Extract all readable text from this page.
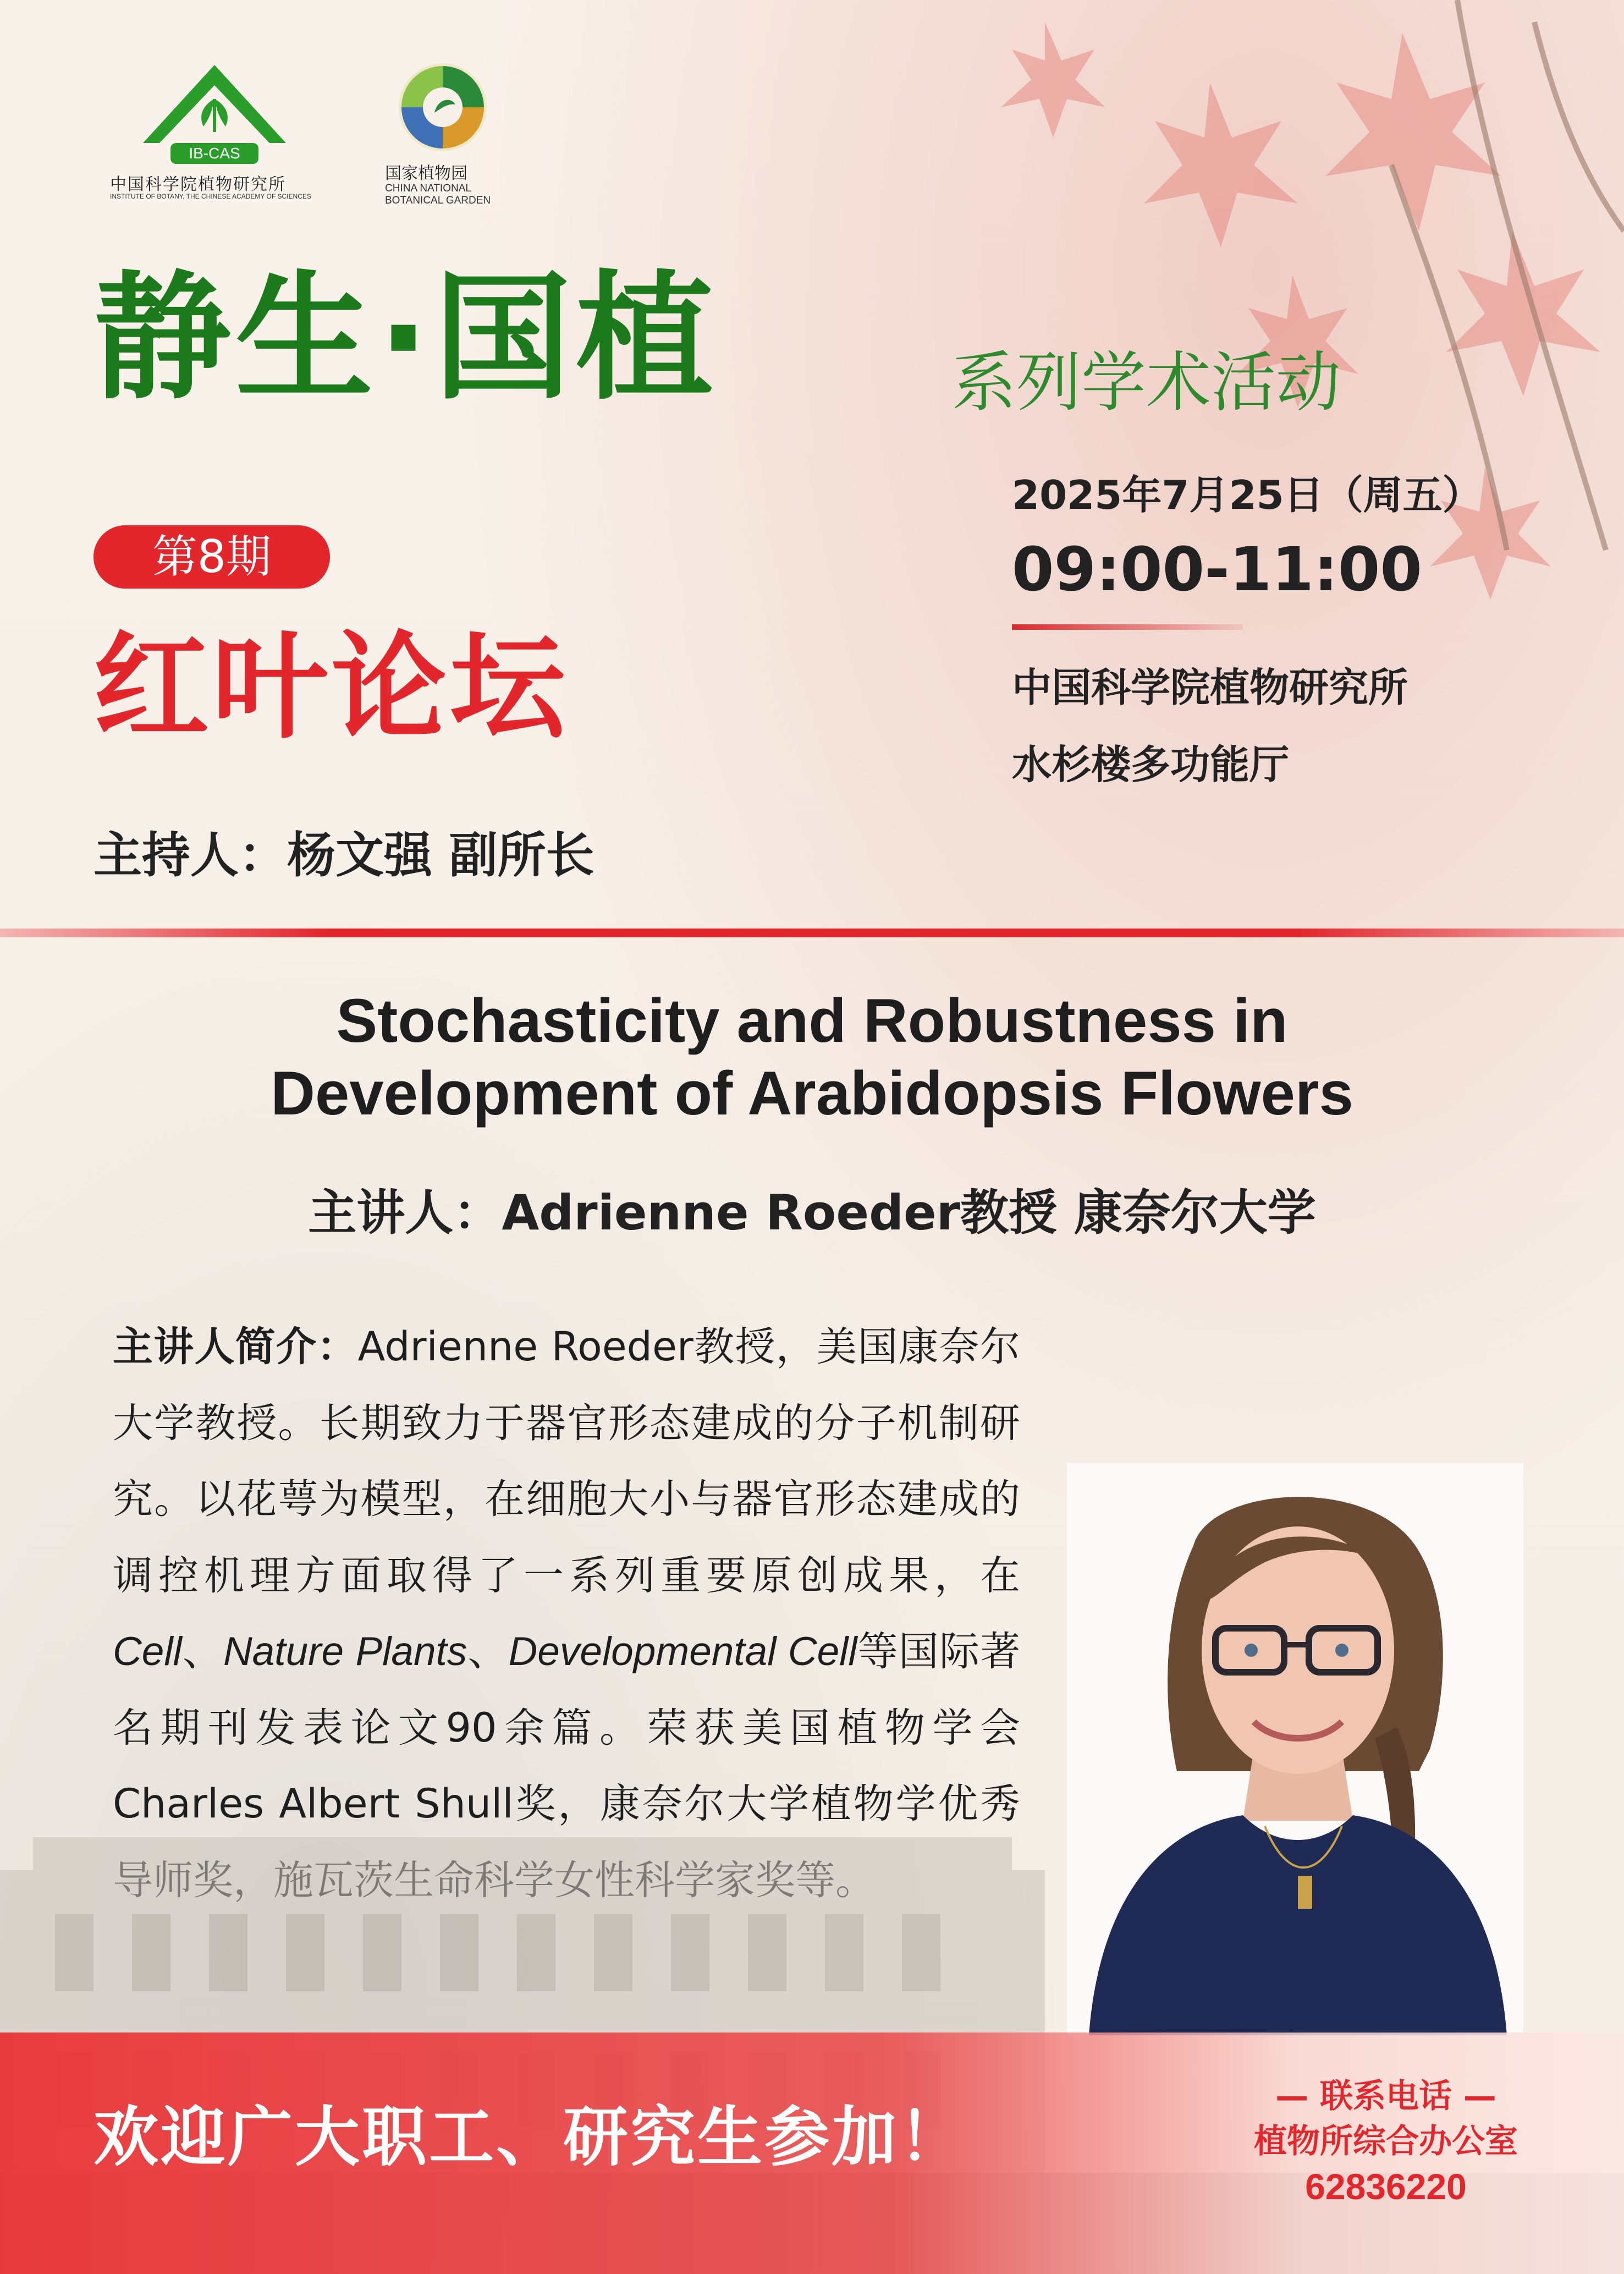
IB-CAS
中国科学院植物研究所
INSTITUTE OF BOTANY, THE CHINESE ACADEMY OF SCIENCES
国家植物园
CHINA NATIONAL BOTANICAL GARDEN
静生·国植	系列学术活动
第8期
红叶论坛
主持人：杨文强 副所长
2025年7月25日（周五）
09:00-11:00
中国科学院植物研究所
水杉楼多功能厅
Stochasticity and Robustness in
Development of Arabidopsis Flowers
主讲人：Adrienne Roeder教授 康奈尔大学
主讲人简介：Adrienne Roeder教授，美国康奈尔大学教授。长期致力于器官形态建成的分子机制研究。以花萼为模型，在细胞大小与器官形态建成的调控机理方面取得了一系列重要原创成果，在Cell、Nature Plants、Developmental Cell等国际著名期刊发表论文90余篇。荣获美国植物学会 Charles Albert Shull奖，康奈尔大学植物学优秀
欢迎广大职工、研究生参加！
— 联系电话 —
植物所综合办公室
62836220
